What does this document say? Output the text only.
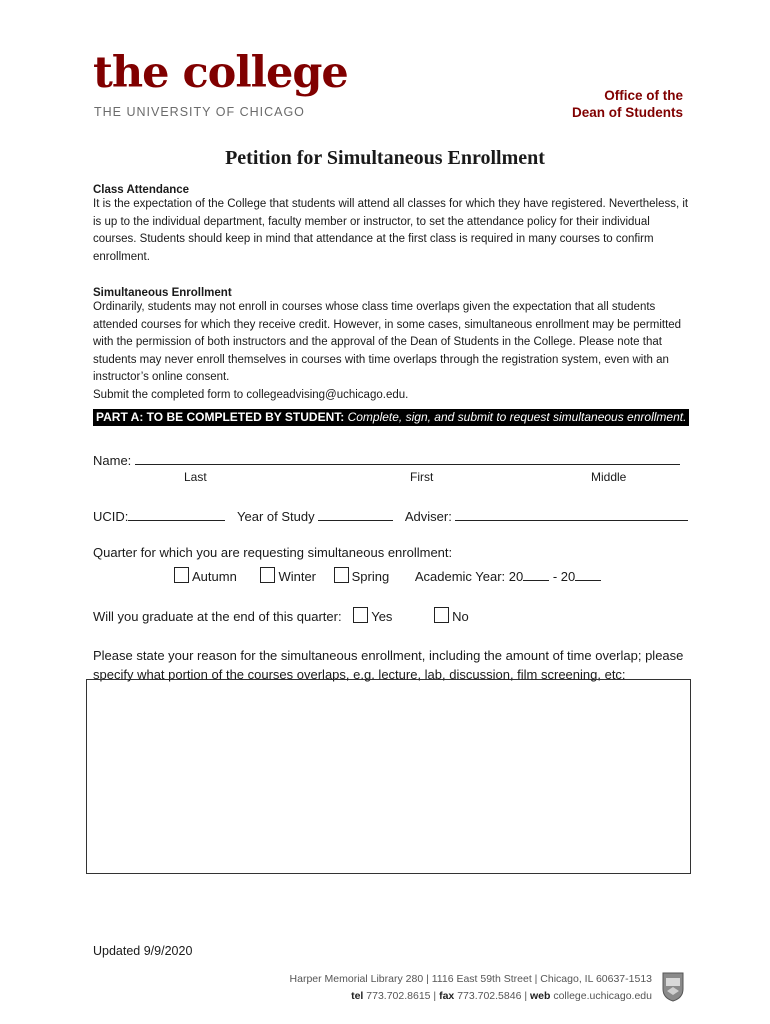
the college
THE UNIVERSITY OF CHICAGO
Office of the
Dean of Students
Petition for Simultaneous Enrollment
Class Attendance
It is the expectation of the College that students will attend all classes for which they have registered. Nevertheless, it is up to the individual department, faculty member or instructor, to set the attendance policy for their individual courses. Students should keep in mind that attendance at the first class is required in many courses to confirm enrollment.
Simultaneous Enrollment
Ordinarily, students may not enroll in courses whose class time overlaps given the expectation that all students attended courses for which they receive credit. However, in some cases, simultaneous enrollment may be permitted with the permission of both instructors and the approval of the Dean of Students in the College. Please note that students may never enroll themselves in courses with time overlaps through the registration system, even with an instructor’s online consent.
Submit the completed form to collegeadvising@uchicago.edu.
PART A: TO BE COMPLETED BY STUDENT: Complete, sign, and submit to request simultaneous enrollment.
Name:
Last	First	Middle
UCID:	Year of Study	Adviser:
Quarter for which you are requesting simultaneous enrollment:
Autumn	Winter	Spring Academic Year: 20 - 20
Will you graduate at the end of this quarter: Yes	No
Please state your reason for the simultaneous enrollment, including the amount of time overlap; please specify what portion of the courses overlaps, e.g. lecture, lab, discussion, film screening, etc:
Updated 9/9/2020
Harper Memorial Library 280 | 1116 East 59th Street | Chicago, IL 60637-1513
tel 773.702.8615 | fax 773.702.5846 | web college.uchicago.edu
